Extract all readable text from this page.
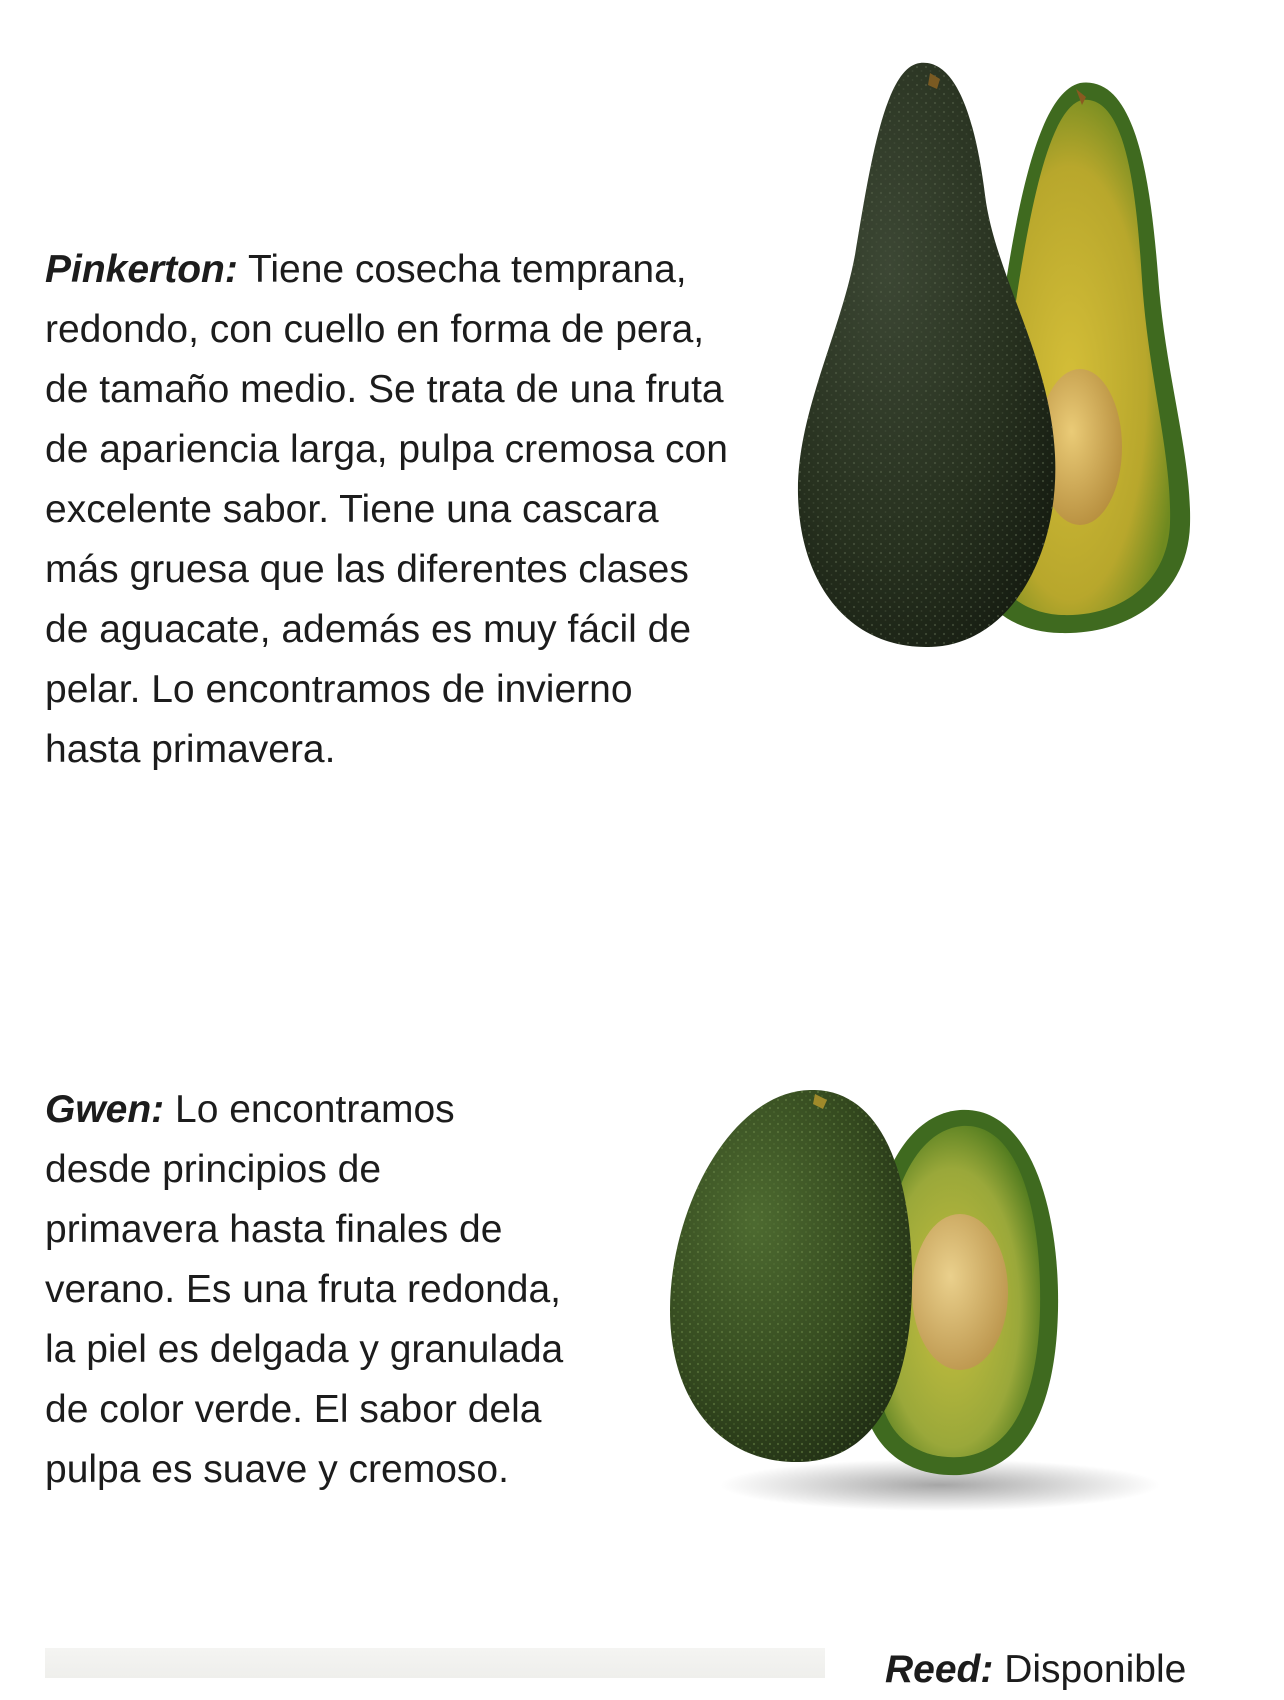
Pinkerton: Tiene cosecha temprana, redondo, con cuello en forma de pera, de tamaño medio. Se trata de una fruta de apariencia larga, pulpa cremosa con excelente sabor. Tiene una cascara más gruesa que las diferentes clases de aguacate, además es muy fácil de pelar. Lo encontramos de invierno hasta primavera.

Gwen: Lo encontramos desde principios de primavera hasta finales de verano. Es una fruta redonda, la piel es delgada y granulada de color verde. El sabor dela pulpa es suave y cremoso.

Reed: Disponible
